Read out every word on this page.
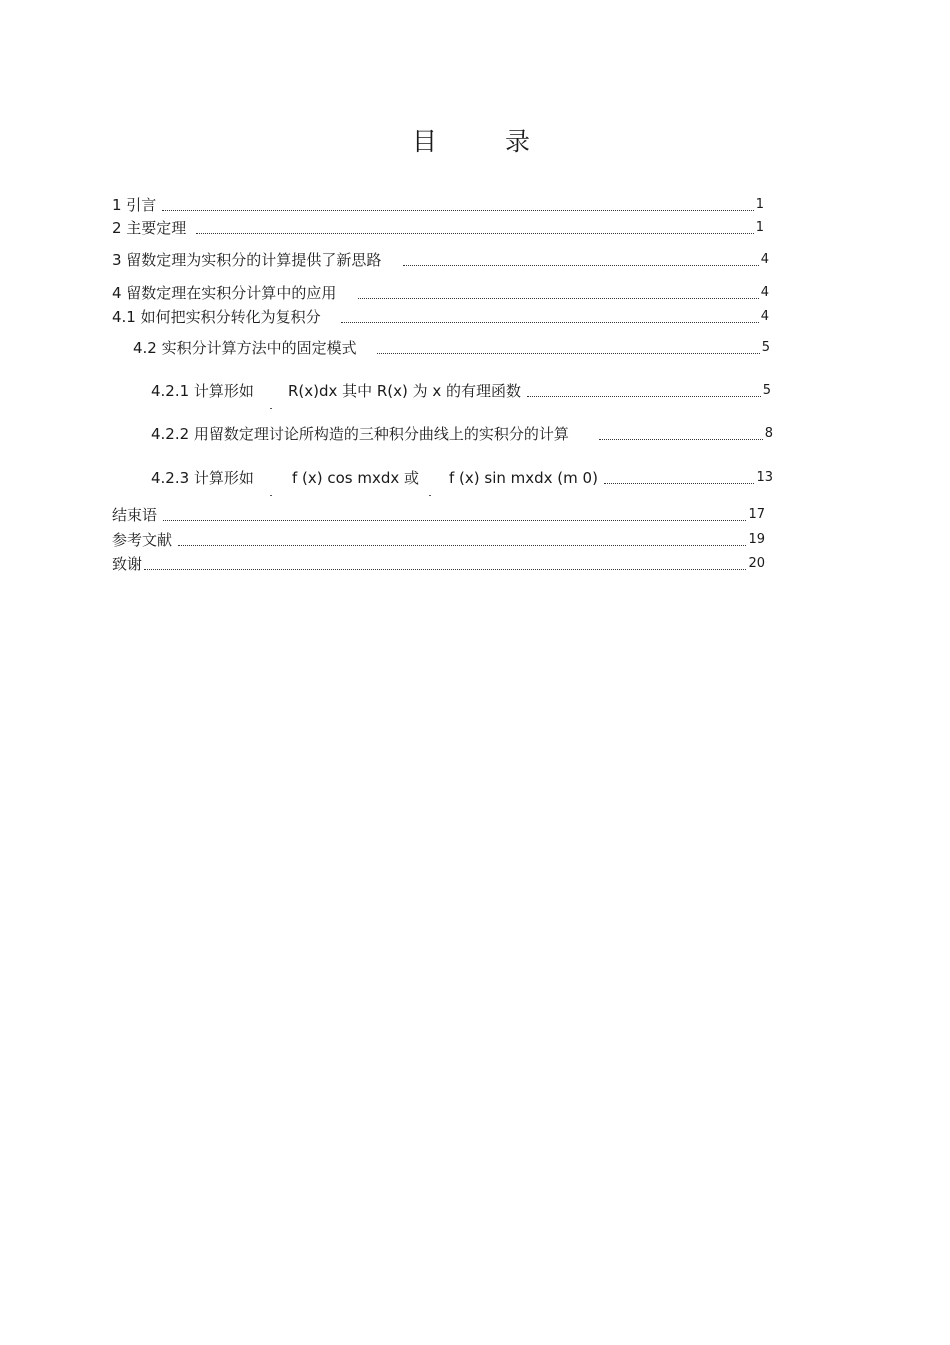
目 录
1 引言	1
2 主要定理	1
3 留数定理为实积分的计算提供了新思路	4
4 留数定理在实积分计算中的应用	4
4.1 如何把实积分转化为复积分	4
4.2 实积分计算方法中的固定模式	5
4.2.1 计算形如 R(x)dx 其中 R(x) 为 x 的有理函数	5
4.2.2 用留数定理讨论所构造的三种积分曲线上的实积分的计算	8
4.2.3 计算形如	f (x) cos mxdx 或 f (x) sin mxdx (m 0)	13
结束语	17
参考文献	19
致谢	20
